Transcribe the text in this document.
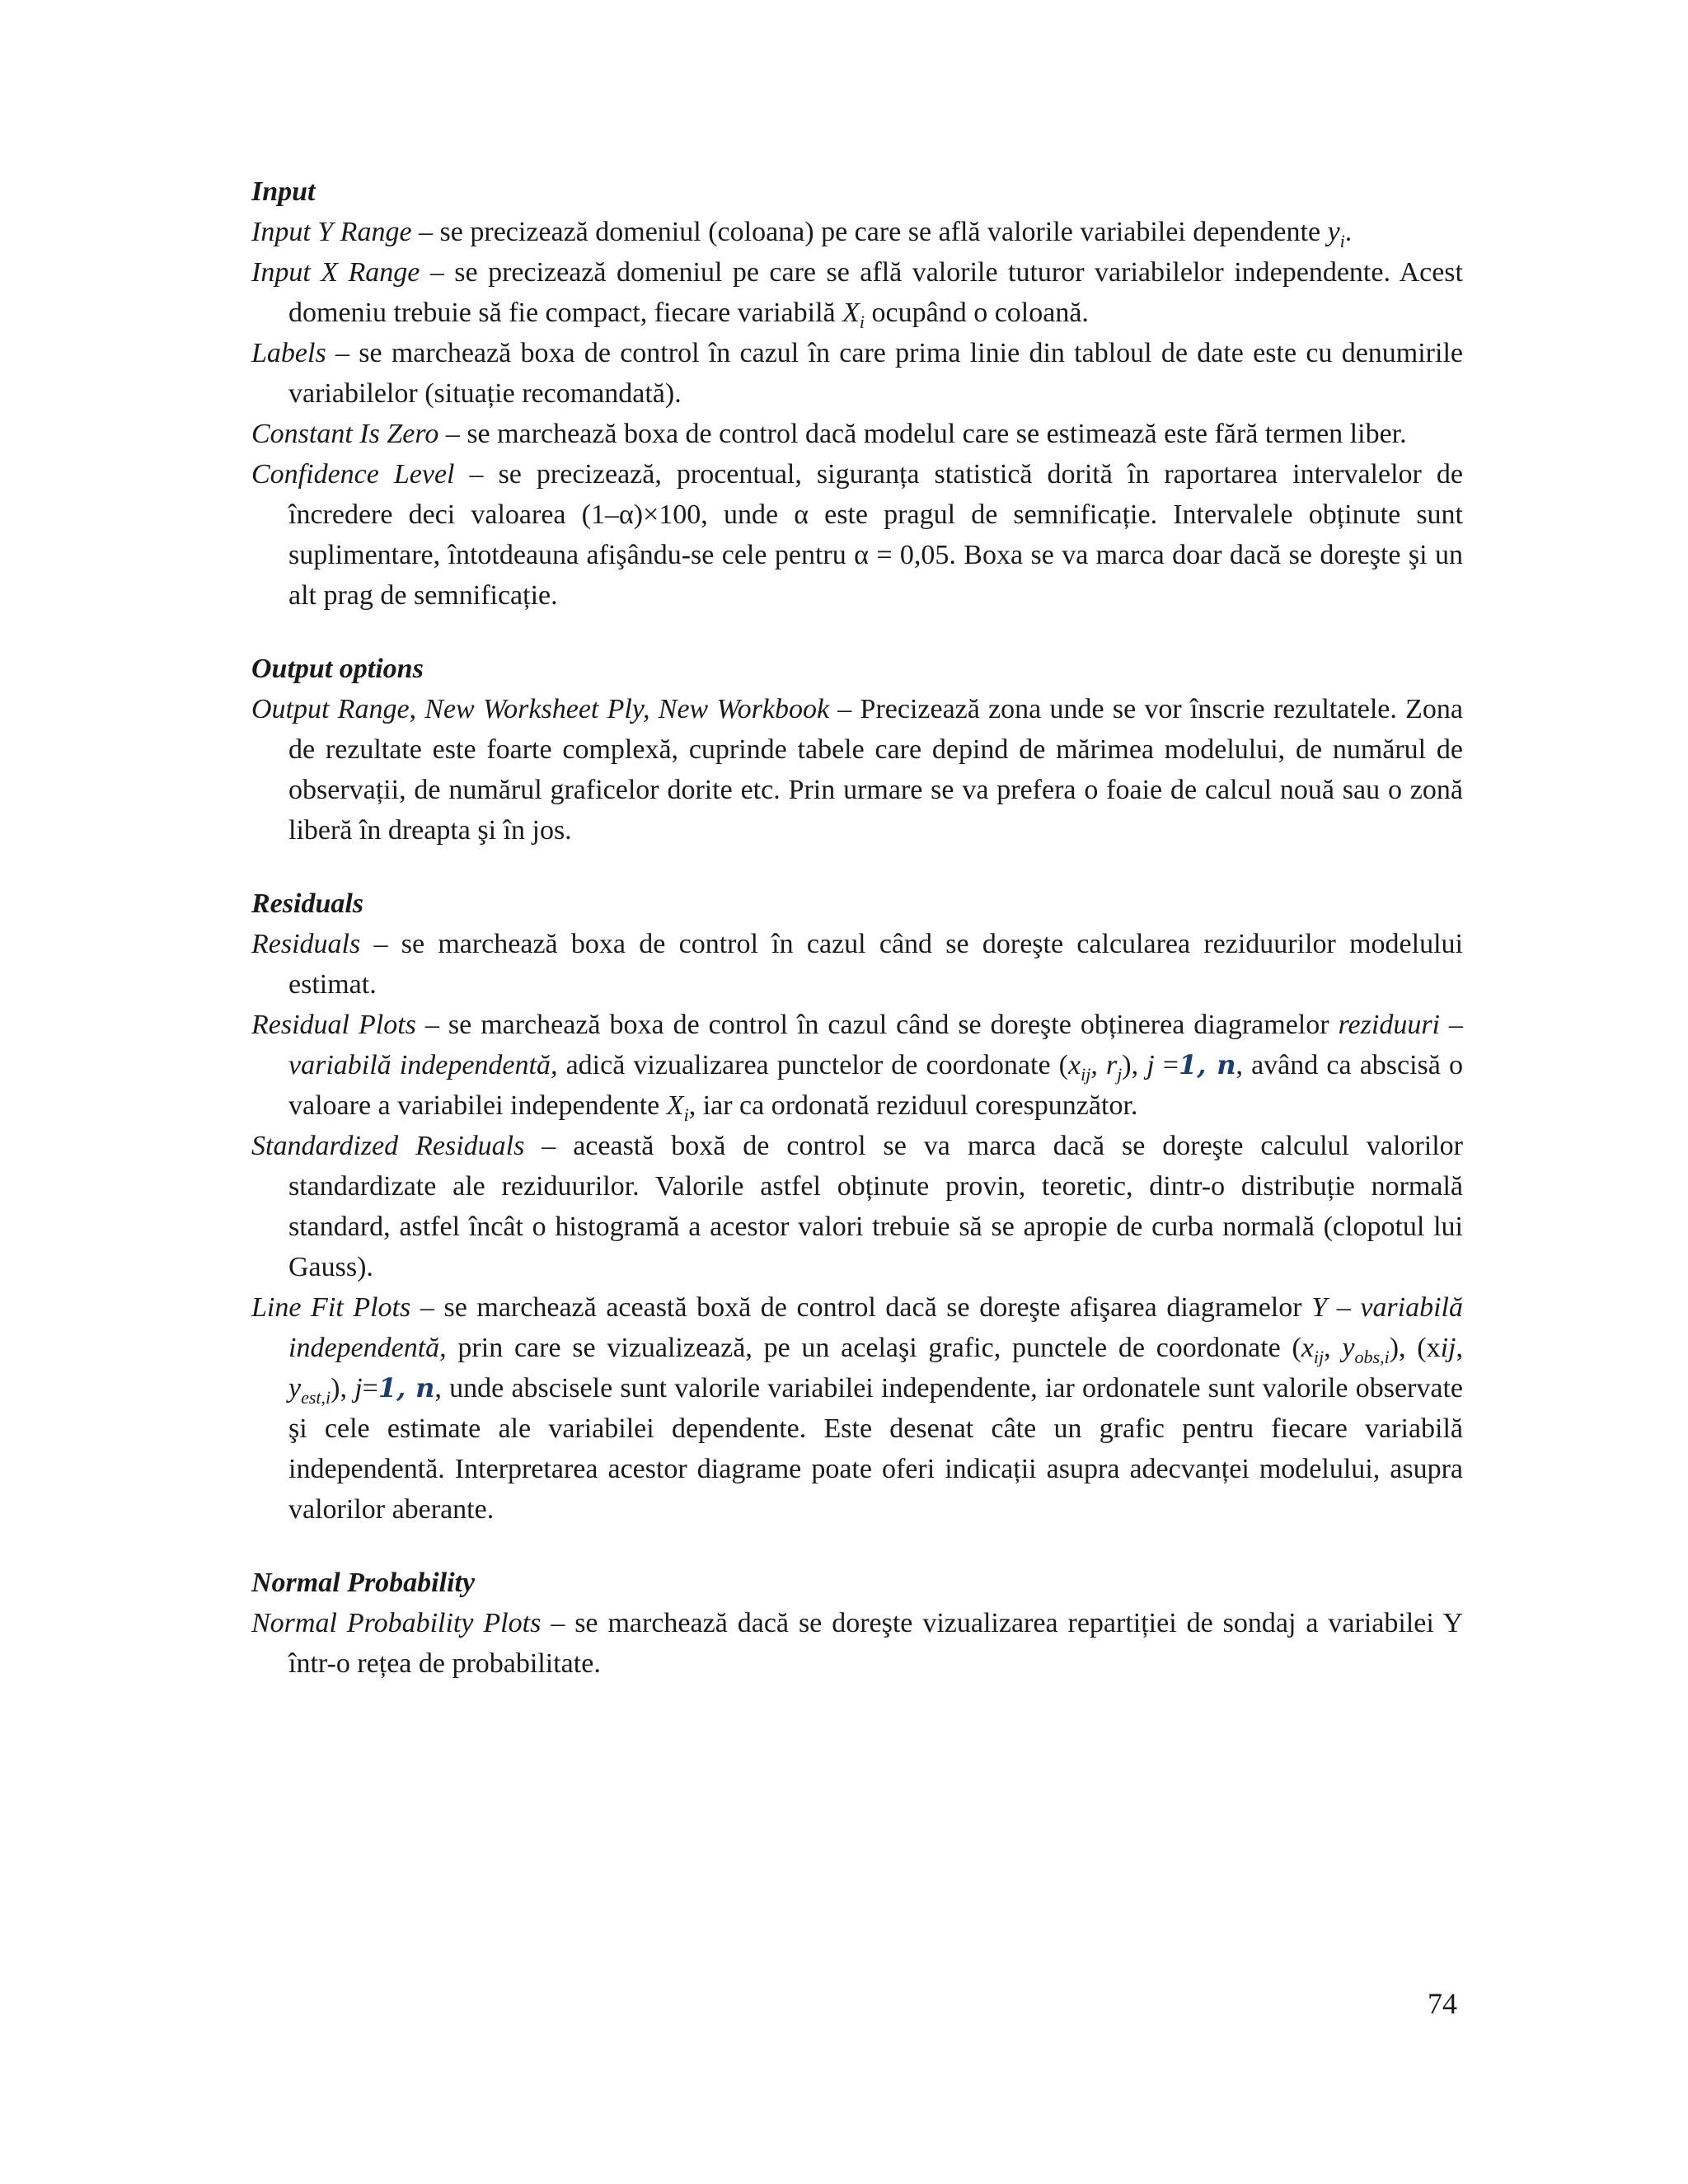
Input

Input Y Range – se precizează domeniul (coloana) pe care se află valorile variabilei dependente $y_i$.

Input X Range – se precizează domeniul pe care se află valorile tuturor variabilelor independente. Acest domeniu trebuie să fie compact, fiecare variabilă $X_i$ ocupând o coloană.

Labels – se marchează boxa de control în cazul în care prima linie din tabloul de date este cu denumirile variabilelor (situație recomandată).

Constant Is Zero – se marchează boxa de control dacă modelul care se estimează este fără termen liber.

Confidence Level – se precizează, procentual, siguranța statistică dorită în raportarea intervalelor de încredere deci valoarea (1–α)×100, unde α este pragul de semnificație. Intervalele obținute sunt suplimentare, întotdeauna afişându-se cele pentru α = 0,05. Boxa se va marca doar dacă se doreşte şi un alt prag de semnificație.

Output options

Output Range, New Worksheet Ply, New Workbook – Precizează zona unde se vor înscrie rezultatele. Zona de rezultate este foarte complexă, cuprinde tabele care depind de mărimea modelului, de numărul de observații, de numărul graficelor dorite etc. Prin urmare se va prefera o foaie de calcul nouă sau o zonă liberă în dreapta şi în jos.

Residuals

Residuals – se marchează boxa de control în cazul când se doreşte calcularea reziduurilor modelului estimat.

Residual Plots – se marchează boxa de control în cazul când se doreşte obținerea diagramelor reziduuri – variabilă independentă, adică vizualizarea punctelor de coordonate ($x_{ij}$, $r_j$), j =1, n, având ca abscisă o valoare a variabilei independente $X_i$, iar ca ordonată reziduul corespunzător.

Standardized Residuals – această boxă de control se va marca dacă se doreşte calculul valorilor standardizate ale reziduurilor. Valorile astfel obținute provin, teoretic, dintr-o distribuție normală standard, astfel încât o histogramă a acestor valori trebuie să se apropie de curba normală (clopotul lui Gauss).

Line Fit Plots – se marchează această boxă de control dacă se doreşte afişarea diagramelor Y – variabilă independentă, prin care se vizualizează, pe un acelaşi grafic, punctele de coordonate ($x_{ij}$, $y_{obs,i}$), (xij, $y_{est,i}$), j=1, n, unde abscisele sunt valorile variabilei independente, iar ordonatele sunt valorile observate şi cele estimate ale variabilei dependente. Este desenat câte un grafic pentru fiecare variabilă independentă. Interpretarea acestor diagrame poate oferi indicații asupra adecvanței modelului, asupra valorilor aberante.

Normal Probability

Normal Probability Plots – se marchează dacă se doreşte vizualizarea repartiției de sondaj a variabilei Y într-o rețea de probabilitate.

74
